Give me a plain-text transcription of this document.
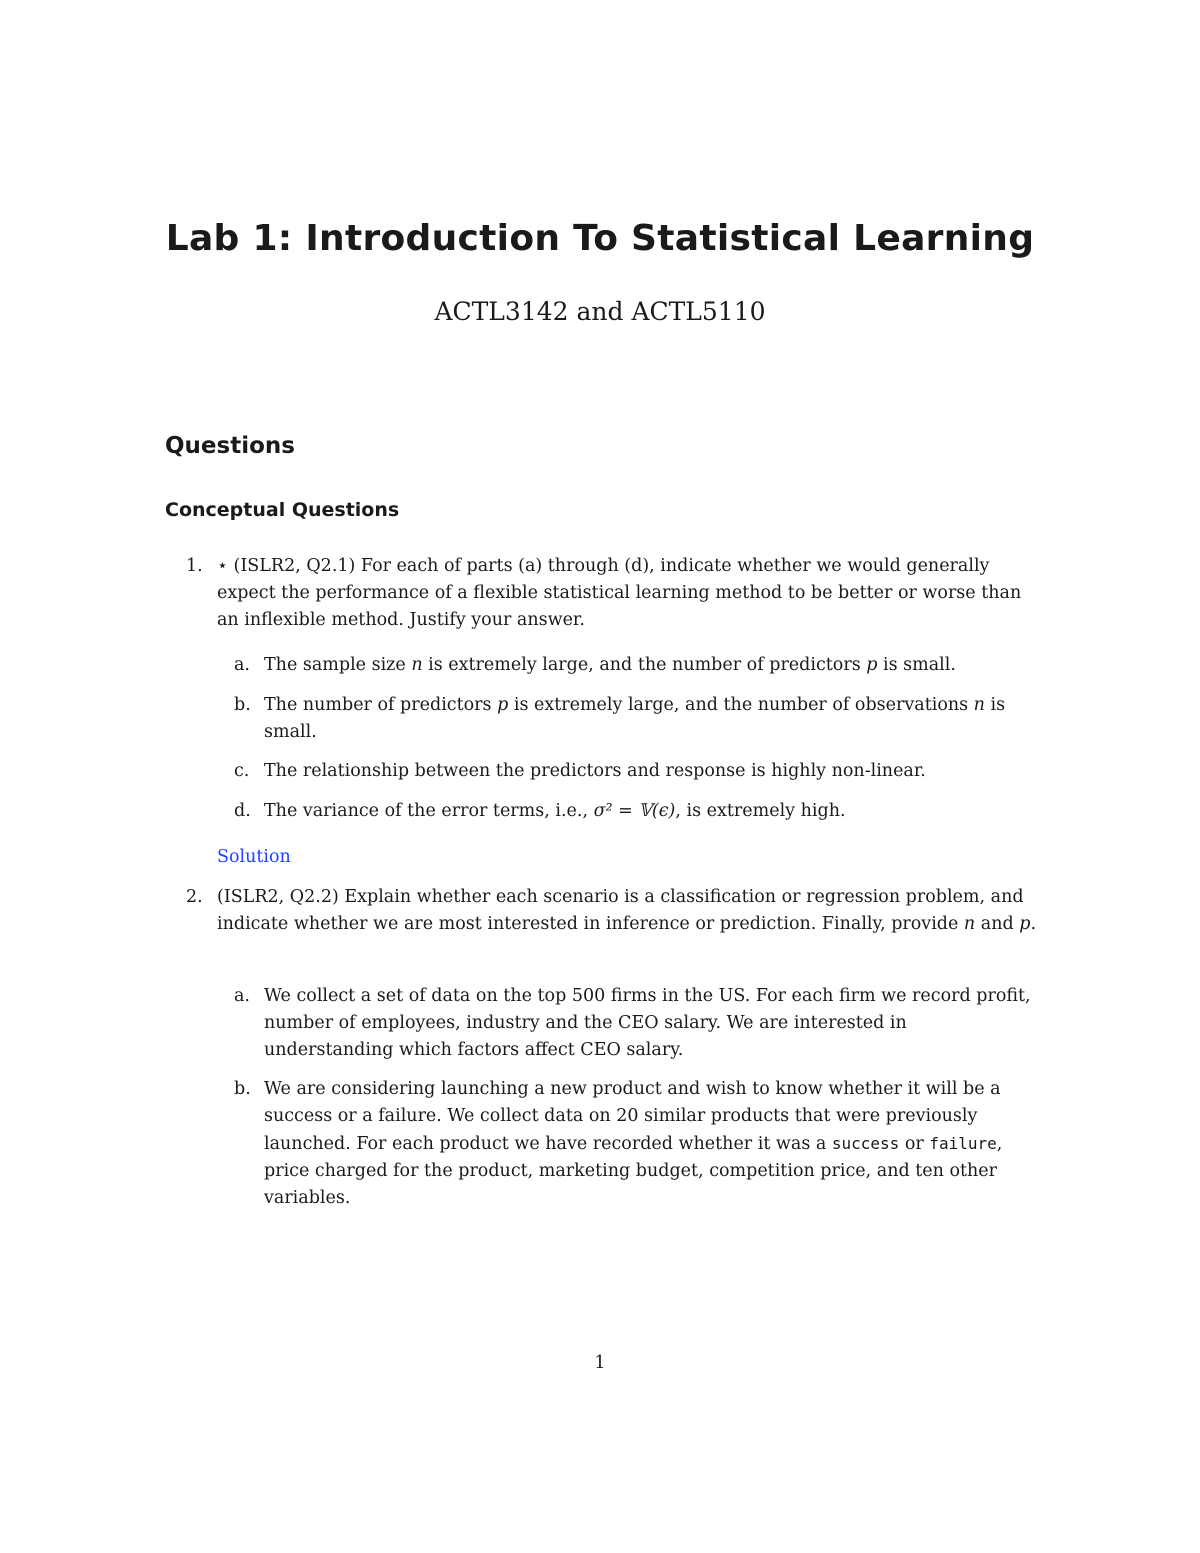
Lab 1: Introduction To Statistical Learning
ACTL3142 and ACTL5110
Questions
Conceptual Questions
1. ⋆ (ISLR2, Q2.1) For each of parts (a) through (d), indicate whether we would generally expect the performance of a flexible statistical learning method to be better or worse than an inflexible method. Justify your answer.
a. The sample size n is extremely large, and the number of predictors p is small.
b. The number of predictors p is extremely large, and the number of observations n is small.
c. The relationship between the predictors and response is highly non-linear.
d. The variance of the error terms, i.e., σ² = 𝕍(ϵ), is extremely high.
Solution
2. (ISLR2, Q2.2) Explain whether each scenario is a classification or regression problem, and indicate whether we are most interested in inference or prediction. Finally, provide n and p.
a. We collect a set of data on the top 500 firms in the US. For each firm we record profit, number of employees, industry and the CEO salary. We are interested in understanding which factors affect CEO salary.
b. We are considering launching a new product and wish to know whether it will be a success or a failure. We collect data on 20 similar products that were previously launched. For each product we have recorded whether it was a success or failure, price charged for the product, marketing budget, competition price, and ten other variables.
1
